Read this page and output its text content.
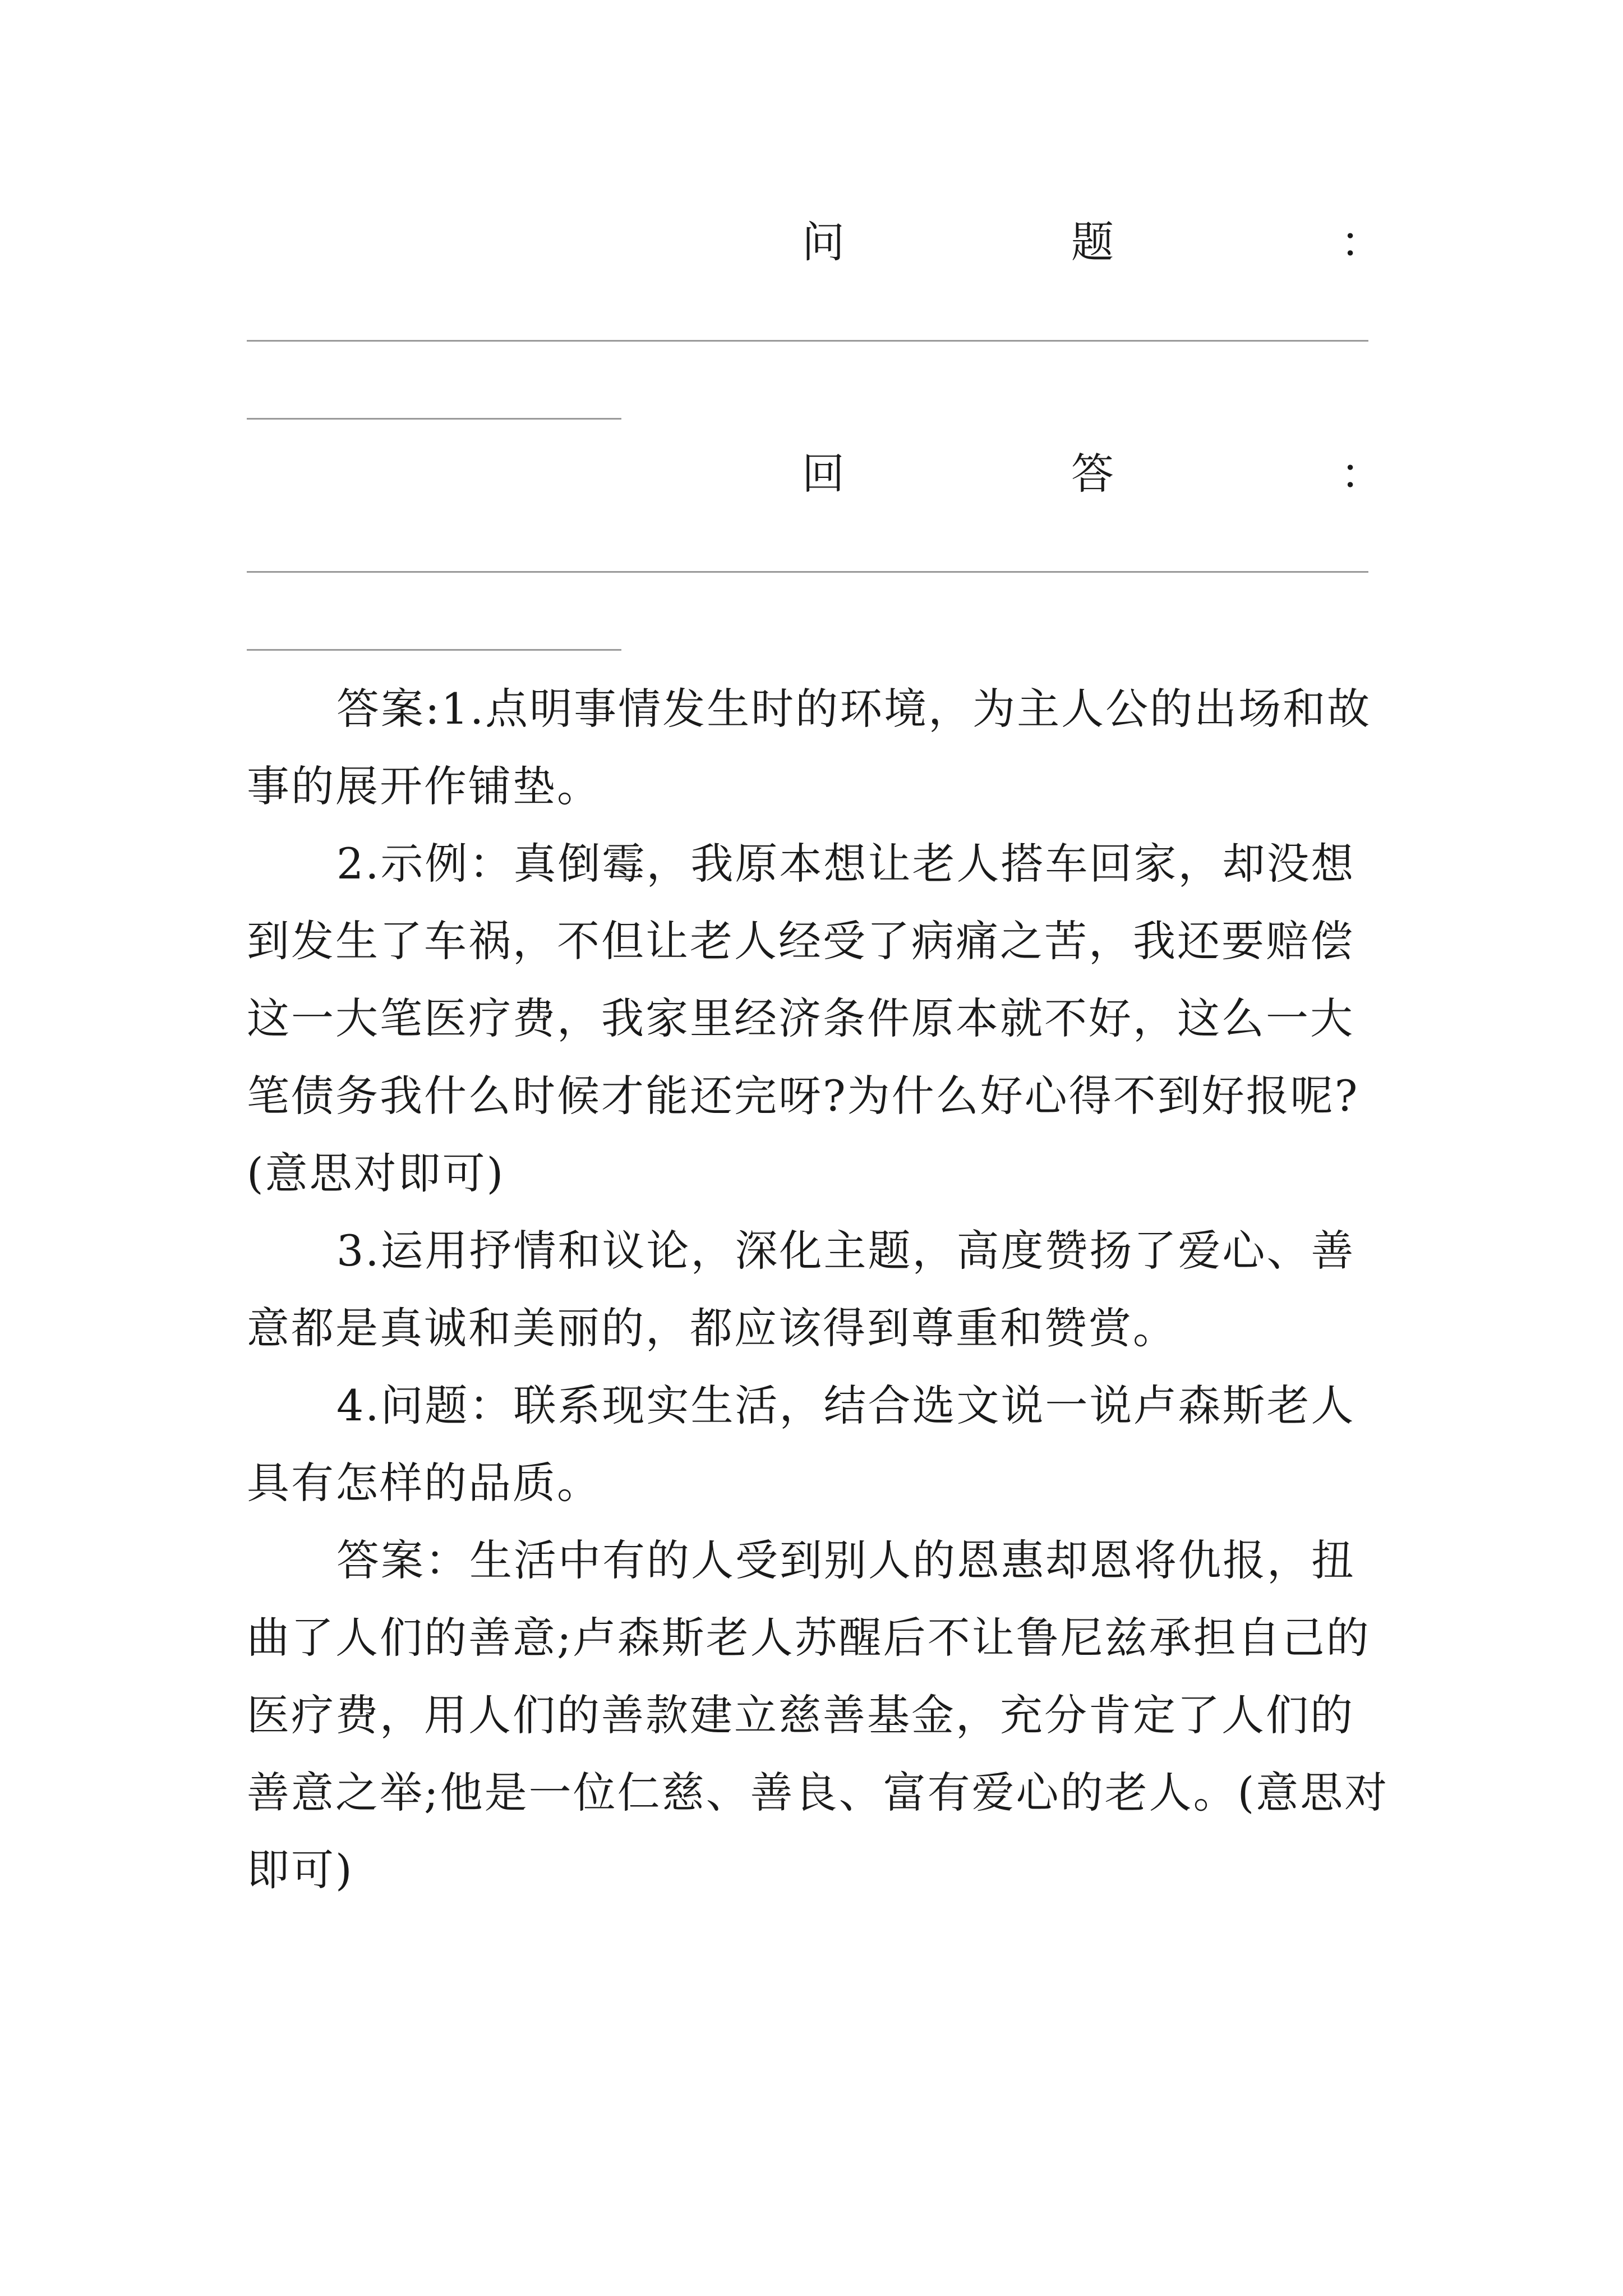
问	题	：
回	答	：

答案:1.点明事情发生时的环境，为主人公的出场和故事的展开作铺垫。

2.示例：真倒霉，我原本想让老人搭车回家，却没想到发生了车祸，不但让老人经受了病痛之苦，我还要赔偿这一大笔医疗费，我家里经济条件原本就不好，这么一大笔债务我什么时候才能还完呀?为什么好心得不到好报呢?(意思对即可)

3.运用抒情和议论，深化主题，高度赞扬了爱心、善意都是真诚和美丽的，都应该得到尊重和赞赏。

4.问题：联系现实生活，结合选文说一说卢森斯老人具有怎样的品质。

答案：生活中有的人受到别人的恩惠却恩将仇报，扭曲了人们的善意;卢森斯老人苏醒后不让鲁尼兹承担自己的医疗费，用人们的善款建立慈善基金，充分肯定了人们的善意之举;他是一位仁慈、善良、富有爱心的老人。(意思对即可)
